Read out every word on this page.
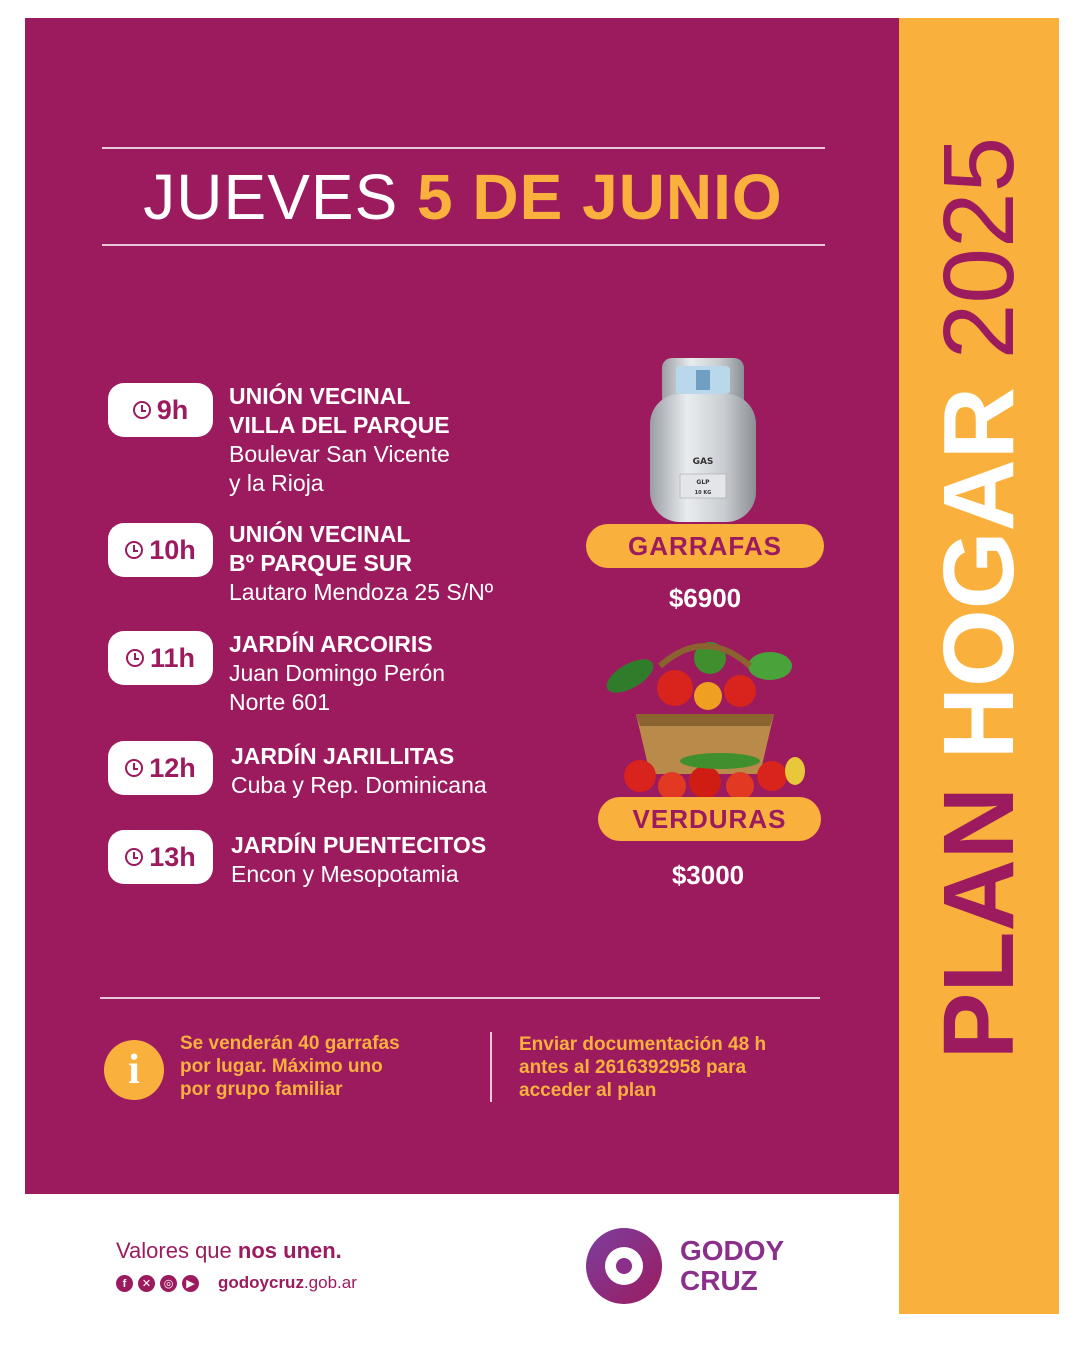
PLAN HOGAR 2025
JUEVES 5 DE JUNIO
9h UNIÓN VECINAL
VILLA DEL PARQUE
Boulevar San Vicente
y la Rioja
10h
UNIÓN VECINAL
Bº PARQUE SUR
Lautaro Mendoza 25 S/Nº
11h JARDÍN ARCOIRIS
Juan Domingo Perón
Norte 601
12h JARDÍN JARILLITAS
Cuba y Rep. Dominicana
13h JARDÍN PUENTECITOS
Encon y Mesopotamia
GAS
GLP
10 KG
GARRAFAS
$6900
VERDURAS
$3000
i
Se venderán 40 garrafas
por lugar. Máximo uno
por grupo familiar
Enviar documentación 48 h
antes al 2616392958 para
acceder al plan
Valores que nos unen.
f	✕	◎	▶ godoycruz.gob.ar
GODOY
CRUZ
